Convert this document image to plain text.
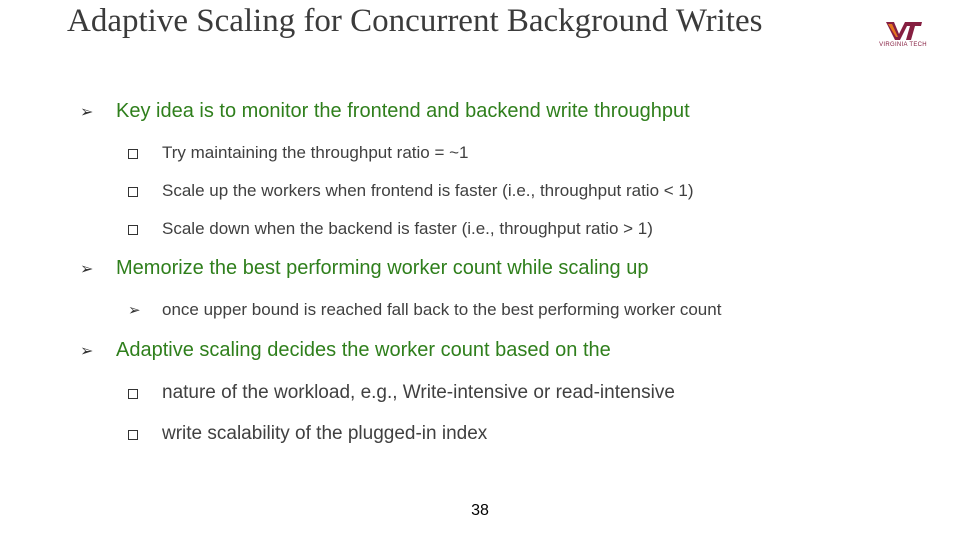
Adaptive Scaling for Concurrent Background Writes
VIRGINIA TECH
➢	Key idea is to monitor the frontend and backend write throughput
Try maintaining the throughput ratio = ~1
Scale up the workers when frontend is faster (i.e., throughput ratio < 1)
Scale down when the backend is faster (i.e., throughput ratio > 1)
➢	Memorize the best performing worker count while scaling up
➢	once upper bound is reached fall back to the best performing worker count
➢	Adaptive scaling decides the worker count based on the
nature of the workload, e.g., Write-intensive or read-intensive
write scalability of the plugged-in index
38
